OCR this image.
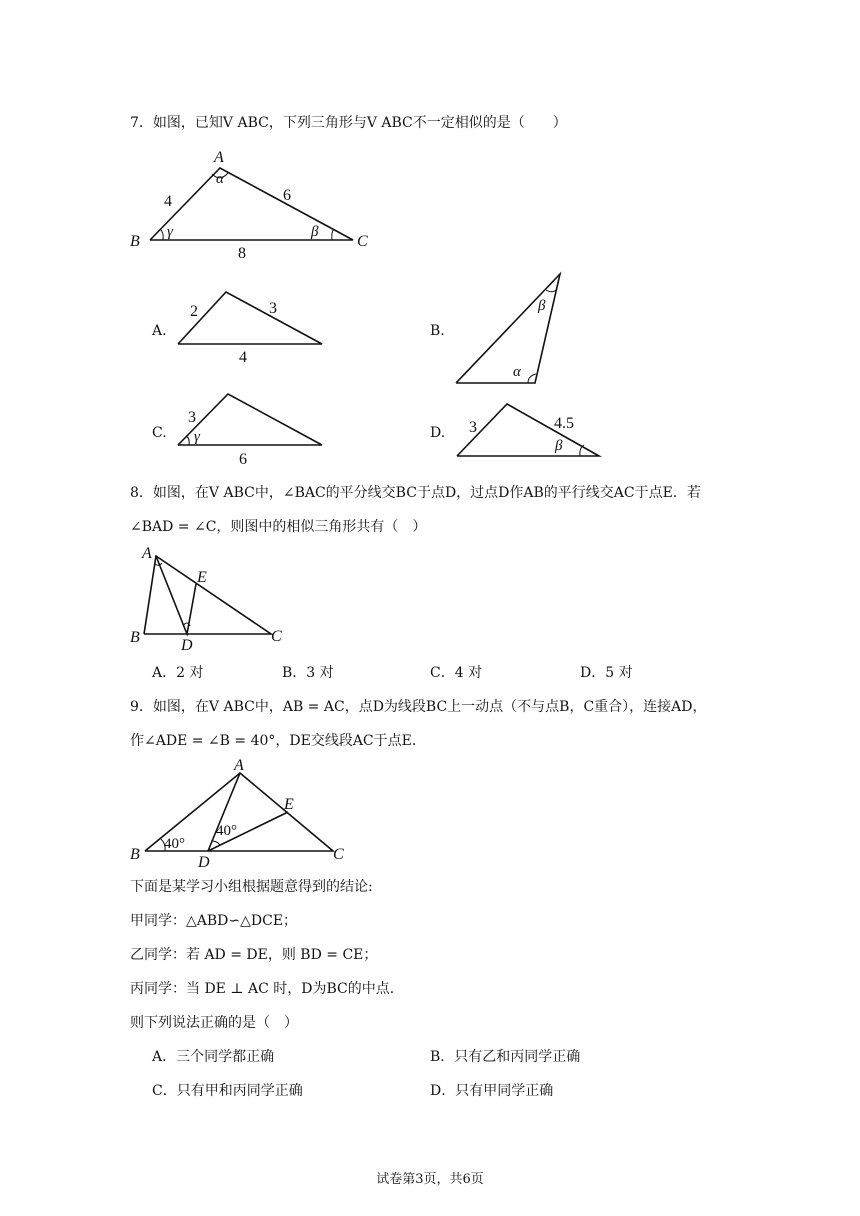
7．如图，已知V ABC，下列三角形与V ABC不一定相似的是（　　）
A
B	C
4	6
8
α
γ	β
A.
2	3
4
B.
β
α
C.
3
γ
6
D. 3	4.5
β
8．如图，在V ABC中，∠BAC的平分线交BC于点D，过点D作AB的平行线交AC于点E．若
∠BAD = ∠C，则图中的相似三角形共有（　）
A
B	C
D
E
A．2 对	B．3 对	C．4 对	D．5 对
9．如图，在V ABC中，AB = AC，点D为线段BC上一动点（不与点B，C重合），连接AD，
作∠ADE = ∠B = 40°，DE交线段AC于点E．
A
B	C
D
E
40°
40°
下面是某学习小组根据题意得到的结论:
甲同学：△ABD∽△DCE；
乙同学：若 AD = DE，则 BD = CE；
丙同学：当 DE ⊥ AC 时，D为BC的中点．
则下列说法正确的是（　）
A．三个同学都正确	B．只有乙和丙同学正确
C．只有甲和丙同学正确	D．只有甲同学正确
试卷第3页，共6页
